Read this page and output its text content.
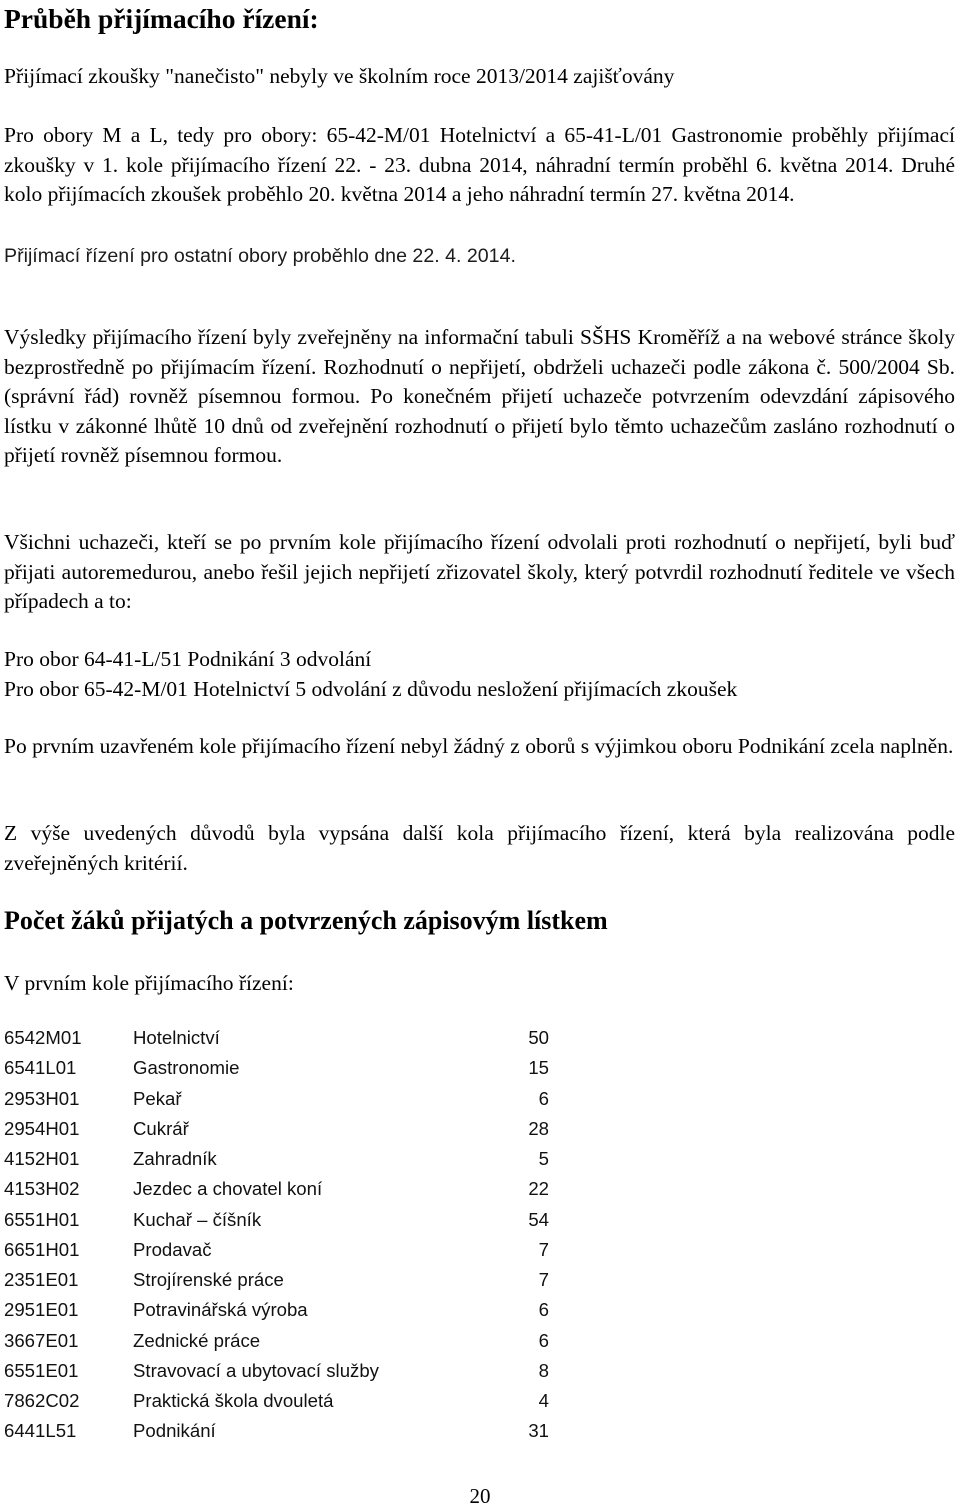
Průběh přijímacího řízení:

Přijímací zkoušky "nanečisto" nebyly ve školním roce 2013/2014 zajišťovány

Pro obory M a L, tedy pro obory: 65-42-M/01 Hotelnictví a 65-41-L/01 Gastronomie proběhly přijímací zkoušky v 1. kole přijímacího řízení 22. - 23. dubna 2014, náhradní termín proběhl 6. května 2014. Druhé kolo přijímacích zkoušek proběhlo 20. května 2014 a jeho náhradní termín 27. května 2014.

Přijímací řízení pro ostatní obory proběhlo dne 22. 4. 2014.

Výsledky přijímacího řízení byly zveřejněny na informační tabuli SŠHS Kroměříž a na webové stránce školy bezprostředně po přijímacím řízení. Rozhodnutí o nepřijetí, obdrželi uchazeči podle zákona č. 500/2004 Sb. (správní řád) rovněž písemnou formou. Po konečném přijetí uchazeče potvrzením odevzdání zápisového lístku v zákonné lhůtě 10 dnů od zveřejnění rozhodnutí o přijetí bylo těmto uchazečům zasláno rozhodnutí o přijetí rovněž písemnou formou.

Všichni uchazeči, kteří se po prvním kole přijímacího řízení odvolali proti rozhodnutí o nepřijetí, byli buď přijati autoremedurou, anebo řešil jejich nepřijetí zřizovatel školy, který potvrdil rozhodnutí ředitele ve všech případech a to:

Pro obor 64-41-L/51 Podnikání 3 odvolání
Pro obor 65-42-M/01 Hotelnictví 5 odvolání z důvodu nesložení přijímacích zkoušek

Po prvním uzavřeném kole přijímacího řízení nebyl žádný z oborů s výjimkou oboru Podnikání zcela naplněn.

Z výše uvedených důvodů byla vypsána další kola přijímacího řízení, která byla realizována podle zveřejněných kritérií.

Počet žáků přijatých a potvrzených zápisovým lístkem

V prvním kole přijímacího řízení:

6542M01	Hotelnictví	50
6541L01	Gastronomie	15
2953H01	Pekař	6
2954H01	Cukrář	28
4152H01	Zahradník	5
4153H02	Jezdec a chovatel koní	22
6551H01	Kuchař – číšník	54
6651H01	Prodavač	7
2351E01	Strojírenské práce	7
2951E01	Potravinářská výroba	6
3667E01	Zednické práce	6
6551E01	Stravovací a ubytovací služby	8
7862C02	Praktická škola dvouletá	4
6441L51	Podnikání	31
20
